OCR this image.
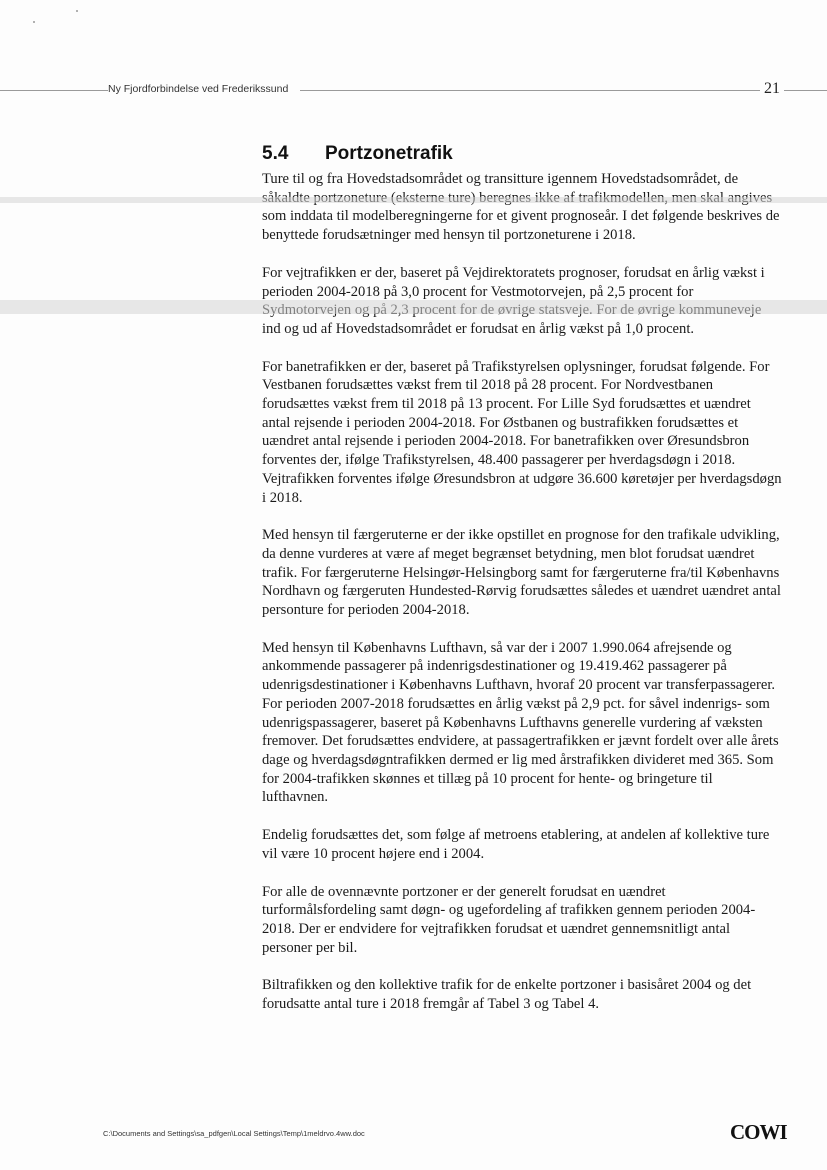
Ny Fjordforbindelse ved Frederikssund	21
5.4 Portzonetrafik

Ture til og fra Hovedstadsområdet og transitture igennem Hovedstadsområdet, de som inddata til modelberegningerne for et givent prognoseår. I det følgende beskrives de benyttede forudsætninger med hensyn til portzoneturene i 2018.

For vejtrafikken er der, baseret på Vejdirektoratets prognoser, forudsat en årlig vækst i perioden 2004-2018 på 3,0 procent for Vestmotorvejen, på 2,5 procent for ind og ud af Hovedstadsområdet er forudsat en årlig vækst på 1,0 procent.

For banetrafikken er der, baseret på Trafikstyrelsen oplysninger, forudsat følgende. For Vestbanen forudsættes vækst frem til 2018 på 28 procent. For Nordvestbanen forudsættes vækst frem til 2018 på 13 procent. For Lille Syd forudsættes et uændret antal rejsende i perioden 2004-2018. For Østbanen og bustrafikken forudsættes et uændret antal rejsende i perioden 2004-2018. For banetrafikken over Øresundsbron forventes der, ifølge Trafikstyrelsen, 48.400 passagerer per hverdagsdøgn i 2018. Vejtrafikken forventes ifølge Øresundsbron at udgøre 36.600 køretøjer per hverdagsdøgn i 2018.

Med hensyn til færgeruterne er der ikke opstillet en prognose for den trafikale udvikling, da denne vurderes at være af meget begrænset betydning, men blot forudsat uændret trafik. For færgeruterne Helsingør-Helsingborg samt for færgeruterne fra/til Københavns Nordhavn og færgeruten Hundested-Rørvig forudsættes således et uændret uændret antal personture for perioden 2004-2018.

Med hensyn til Københavns Lufthavn, så var der i 2007 1.990.064 afrejsende og ankommende passagerer på indenrigsdestinationer og 19.419.462 passagerer på udenrigsdestinationer i Københavns Lufthavn, hvoraf 20 procent var transferpassagerer. For perioden 2007-2018 forudsættes en årlig vækst på 2,9 pct. for såvel indenrigs- som udenrigspassagerer, baseret på Københavns Lufthavns generelle vurdering af væksten fremover. Det forudsættes endvidere, at passagertrafikken er jævnt fordelt over alle årets dage og hverdagsdøgntrafikken dermed er lig med årstrafikken divideret med 365. Som for 2004-trafikken skønnes et tillæg på 10 procent for hente- og bringeture til lufthavnen.

Endelig forudsættes det, som følge af metroens etablering, at andelen af kollektive ture vil være 10 procent højere end i 2004.

For alle de ovennævnte portzoner er der generelt forudsat en uændret turformålsfordeling samt døgn- og ugefordeling af trafikken gennem perioden 2004-2018. Der er endvidere for vejtrafikken forudsat et uændret gennemsnitligt antal personer per bil.

Biltrafikken og den kollektive trafik for de enkelte portzoner i basisåret 2004 og det forudsatte antal ture i 2018 fremgår af Tabel 3 og Tabel 4.

C:\Documents and Settings\sa_pdfgen\Local Settings\Temp\1meldrvo.4ww.doc	COWI
